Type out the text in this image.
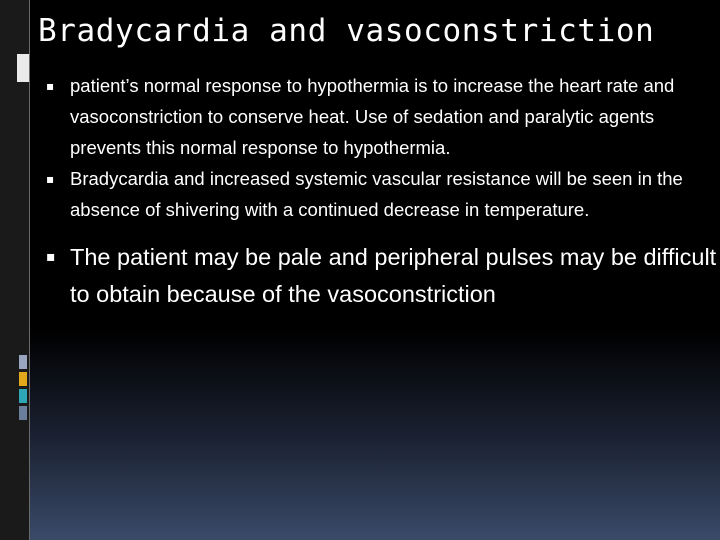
Bradycardia and vasoconstriction
▪ patient’s normal response to hypothermia is to increase the heart rate and vasoconstriction to conserve heat. Use of sedation and paralytic agents prevents this normal response to hypothermia.
▪ Bradycardia and increased systemic vascular resistance will be seen in the absence of shivering with a continued decrease in temperature.
▪ The patient may be pale and peripheral pulses may be difficult to obtain because of the vasoconstriction
